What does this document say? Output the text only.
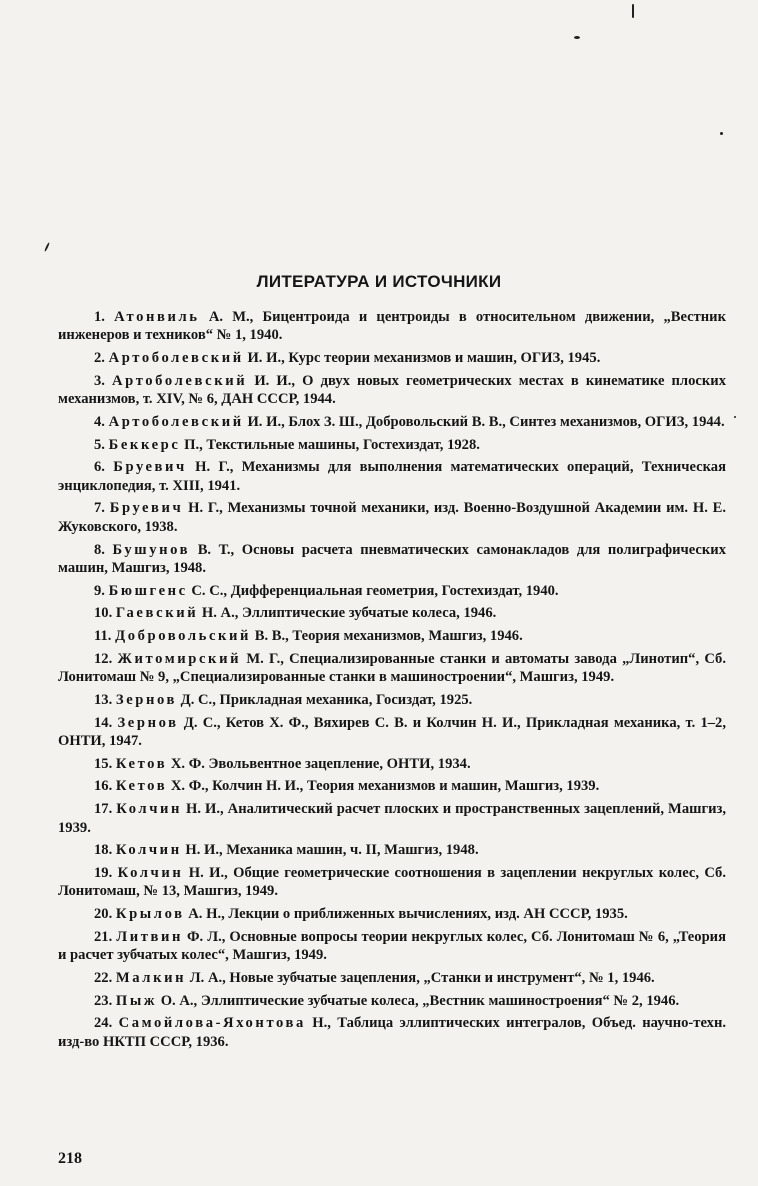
ЛИТЕРАТУРА И ИСТОЧНИКИ
1. Атонвиль А. М., Бицентроида и центроиды в относительном движении, „Вестник инженеров и техников“ № 1, 1940.
2. Артоболевский И. И., Курс теории механизмов и машин, ОГИЗ, 1945.
3. Артоболевский И. И., О двух новых геометрических местах в кинематике плоских механизмов, т. XIV, № 6, ДАН СССР, 1944.
4. Артоболевский И. И., Блох З. Ш., Добровольский В. В., Синтез механизмов, ОГИЗ, 1944.
5. Беккерс П., Текстильные машины, Гостехиздат, 1928.
6. Бруевич Н. Г., Механизмы для выполнения математических операций, Техническая энциклопедия, т. XIII, 1941.
7. Бруевич Н. Г., Механизмы точной механики, изд. Военно-Воздушной Академии им. Н. Е. Жуковского, 1938.
8. Бушунов В. Т., Основы расчета пневматических самонакладов для полиграфических машин, Машгиз, 1948.
9. Бюшгенс С. С., Дифференциальная геометрия, Гостехиздат, 1940.
10. Гаевский Н. А., Эллиптические зубчатые колеса, 1946.
11. Добровольский В. В., Теория механизмов, Машгиз, 1946.
12. Житомирский М. Г., Специализированные станки и автоматы завода „Линотип“, Сб. Лонитомаш № 9, „Специализированные станки в машиностроении“, Машгиз, 1949.
13. Зернов Д. С., Прикладная механика, Госиздат, 1925.
14. Зернов Д. С., Кетов Х. Ф., Вяхирев С. В. и Колчин Н. И., Прикладная механика, т. 1–2, ОНТИ, 1947.
15. Кетов Х. Ф. Эвольвентное зацепление, ОНТИ, 1934.
16. Кетов Х. Ф., Колчин Н. И., Теория механизмов и машин, Машгиз, 1939.
17. Колчин Н. И., Аналитический расчет плоских и пространственных зацеплений, Машгиз, 1939.
18. Колчин Н. И., Механика машин, ч. II, Машгиз, 1948.
19. Колчин Н. И., Общие геометрические соотношения в зацеплении некруглых колес, Сб. Лонитомаш, № 13, Машгиз, 1949.
20. Крылов А. Н., Лекции о приближенных вычислениях, изд. АН СССР, 1935.
21. Литвин Ф. Л., Основные вопросы теории некруглых колес, Сб. Лонитомаш № 6, „Теория и расчет зубчатых колес“, Машгиз, 1949.
22. Малкин Л. А., Новые зубчатые зацепления, „Станки и инструмент“, № 1, 1946.
23. Пыж О. А., Эллиптические зубчатые колеса, „Вестник машиностроения“ № 2, 1946.
24. Самойлова-Яхонтова Н., Таблица эллиптических интегралов, Объед. научно-техн. изд-во НКТП СССР, 1936.
218
